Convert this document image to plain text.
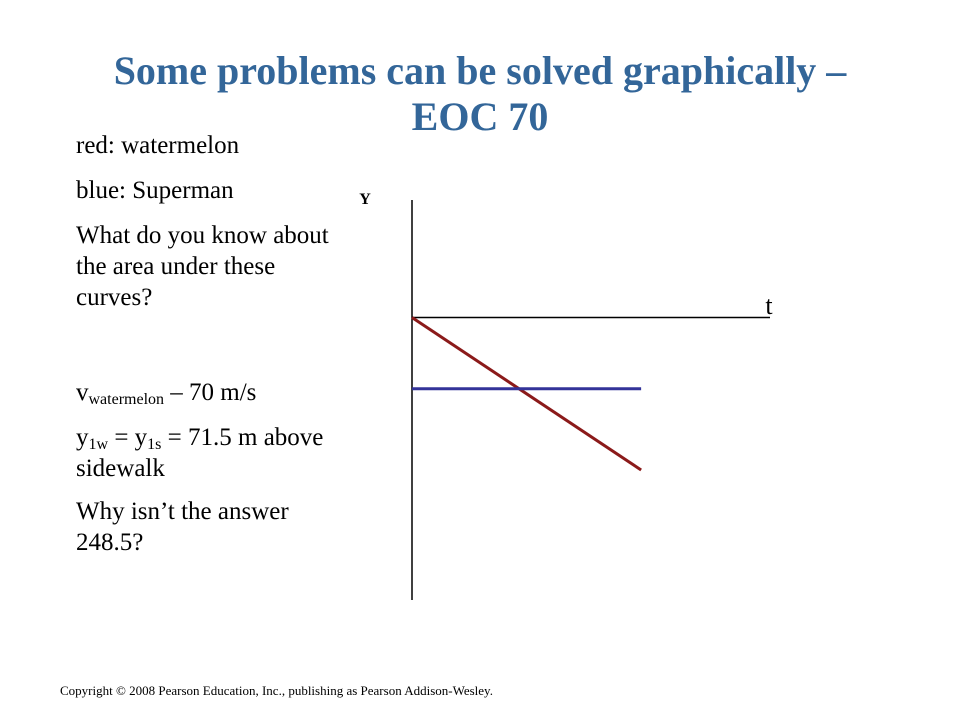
Some problems can be solved graphically –
EOC 70
red: watermelon
blue: Superman
What do you know about the area under these curves?
$v_{watermelon} - 70$ m/s
$y_{1w} = y_{1s} = 71.5$ m above sidewalk
Why isn’t the answer 248.5?
Y
t
Copyright © 2008 Pearson Education, Inc., publishing as Pearson Addison-Wesley.
